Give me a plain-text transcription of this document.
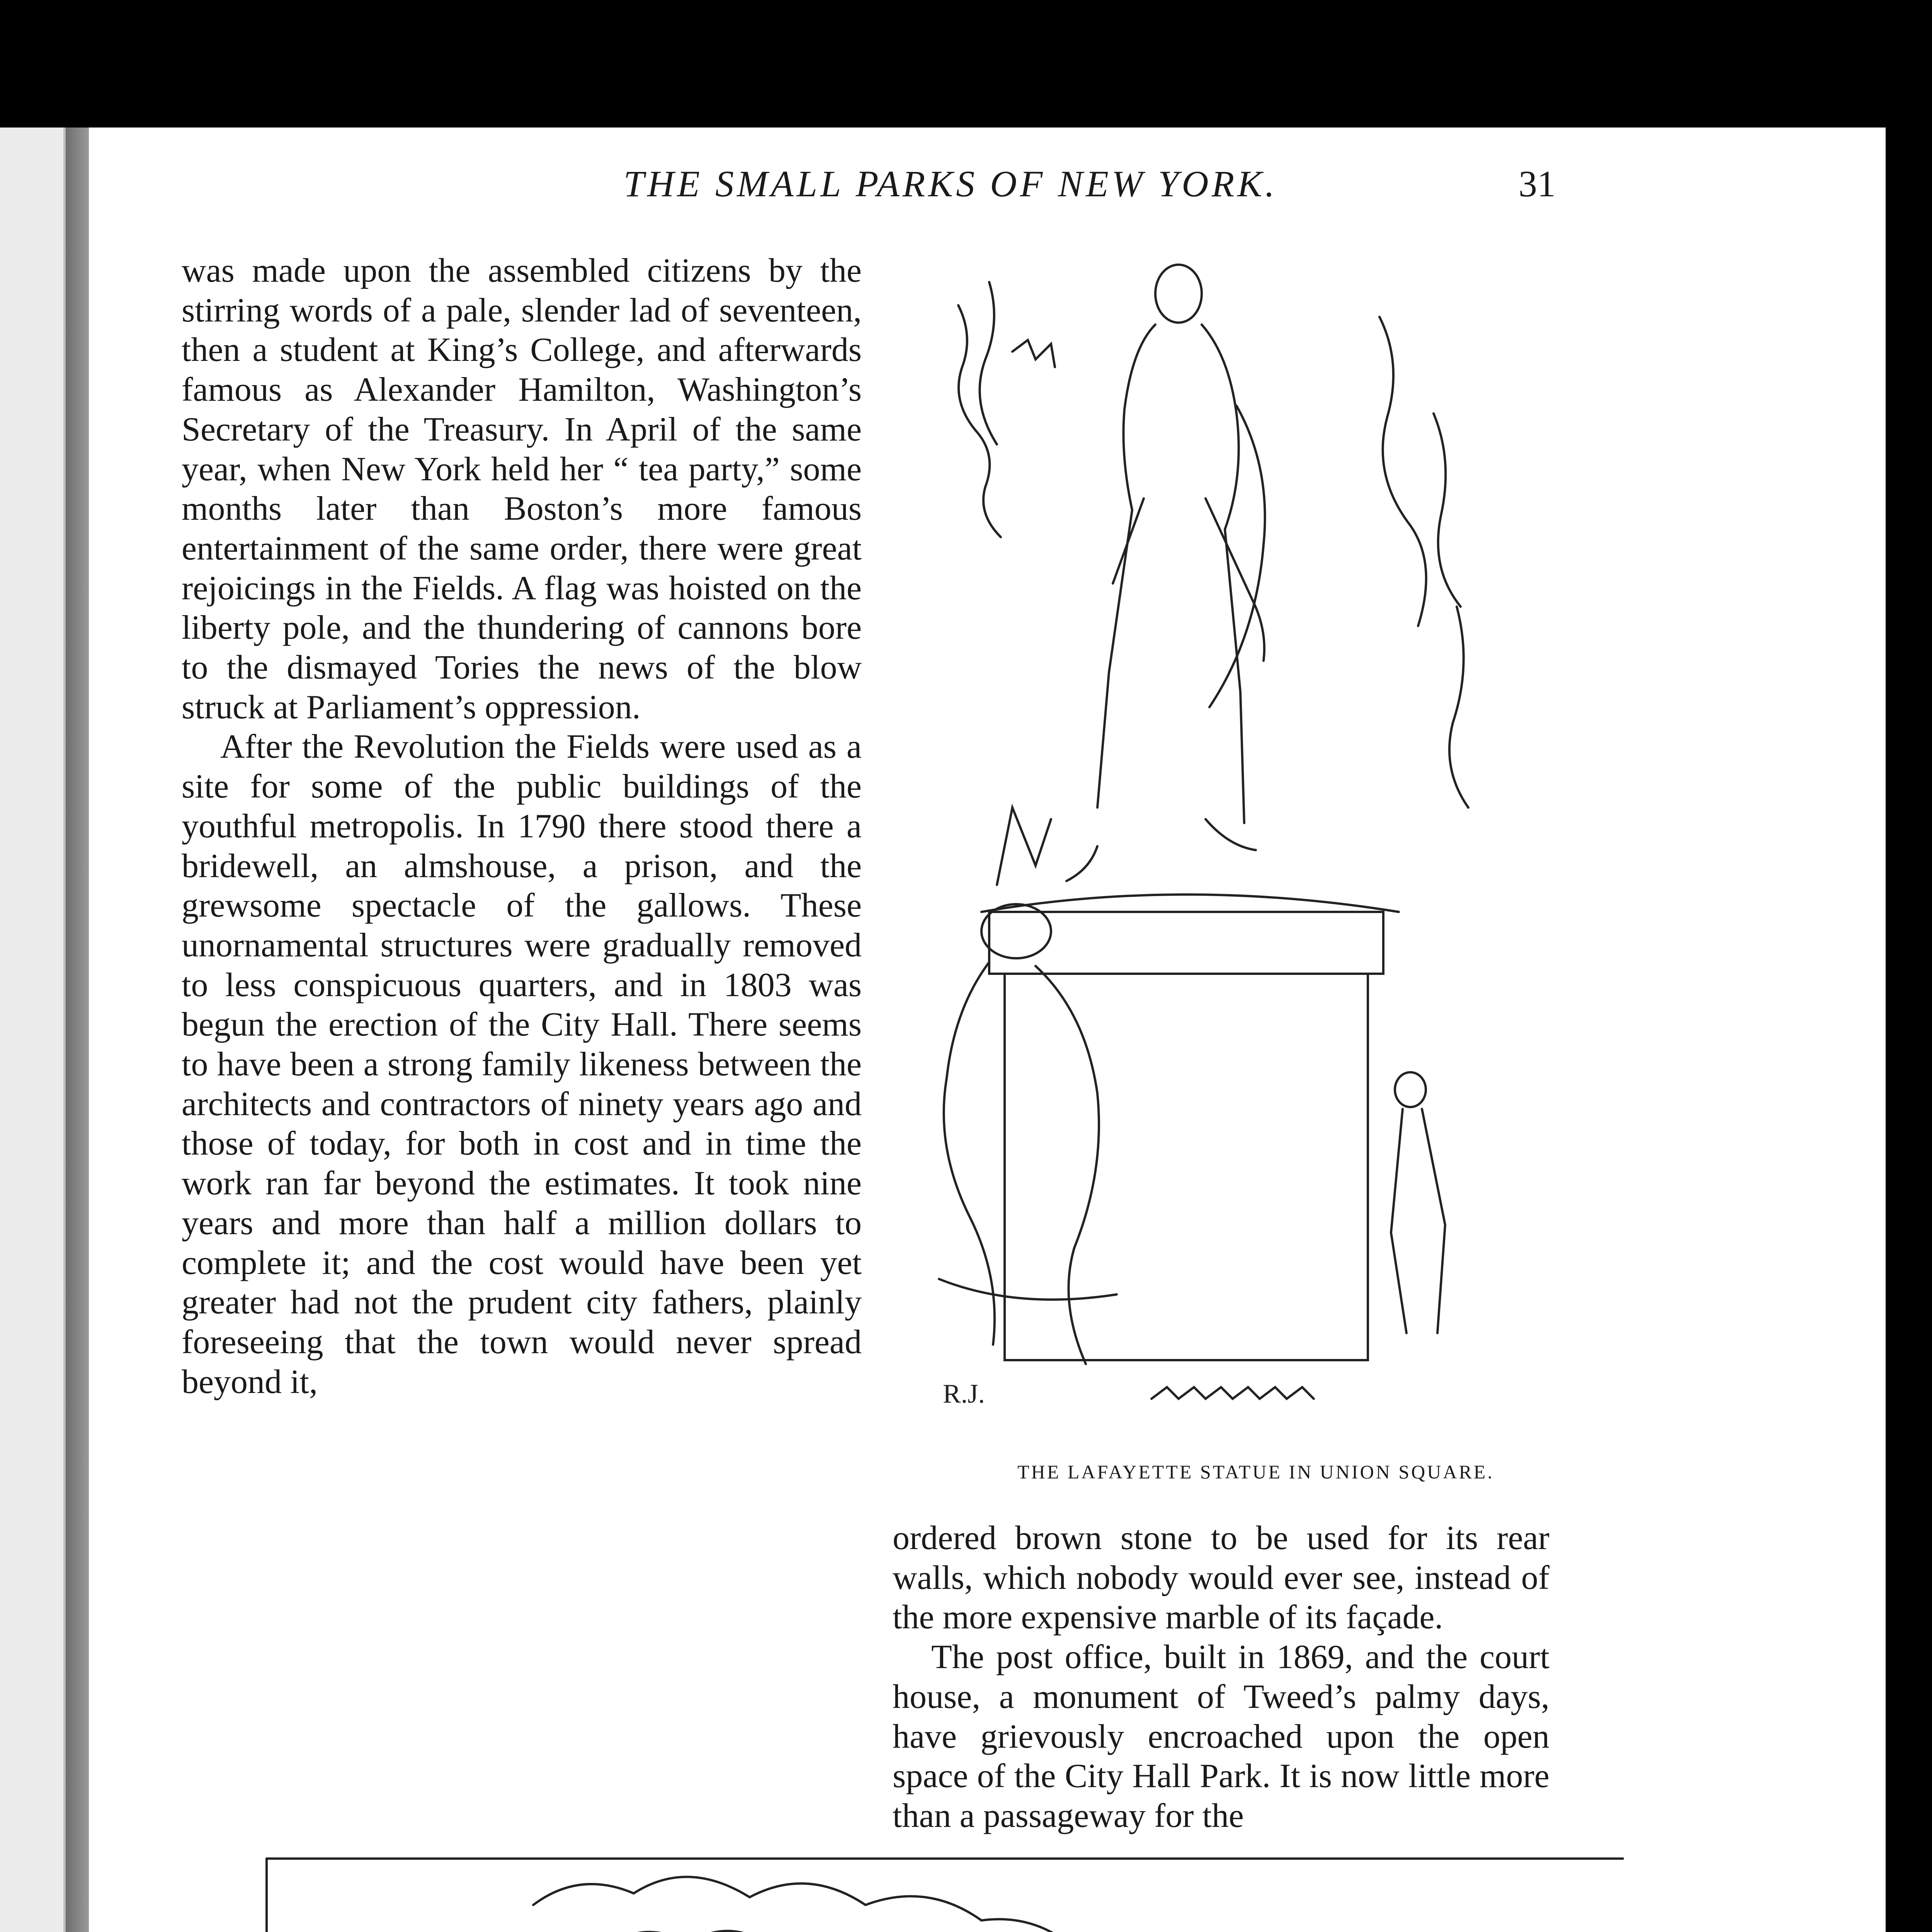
THE SMALL PARKS OF NEW YORK.	31

was made upon the assembled citizens by the stirring words of a pale, slender lad of seventeen, then a student at King’s College, and afterwards famous as Alexander Hamilton, Washington’s Secretary of the Treasury. In April of the same year, when New York held her “ tea party,” some months later than Boston’s more famous entertainment of the same order, there were great rejoicings in the Fields. A flag was hoisted on the liberty pole, and the thundering of cannons bore to the dismayed Tories the news of the blow struck at Parliament’s oppression.

After the Revolution the Fields were used as a site for some of the public buildings of the youthful metropolis. In 1790 there stood there a bridewell, an almshouse, a prison, and the grewsome spectacle of the gallows. These unornamental structures were gradually removed to less conspicuous quarters, and in 1803 was begun the erection of the City Hall. There seems to have been a strong family likeness between the architects and contractors of ninety years ago and those of today, for both in cost and in time the work ran far beyond the estimates. It took nine years and more than half a million dollars to complete it; and the cost would have been yet greater had not the prudent city fathers, plainly foreseeing that the town would never spread beyond it,	R.J.
THE LAFAYETTE STATUE IN UNION SQUARE.

ordered brown stone to be used for its rear walls, which nobody would ever see, instead of the more expensive marble of its façade.

The post office, built in 1869, and the court house, a monument of Tweed’s palmy days, have grievously encroached upon the open space of the City Hall Park. It is now little more than a passageway for the
